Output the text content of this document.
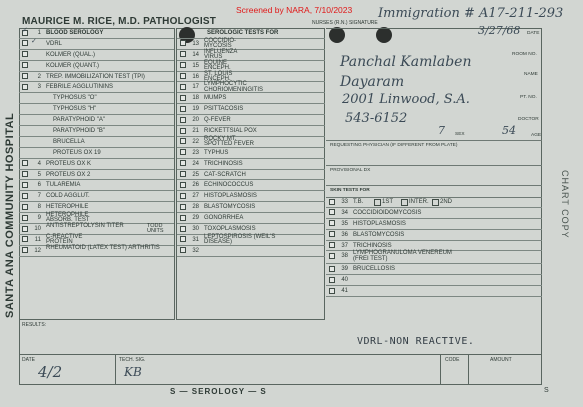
Screened by NARA, 7/10/2023
MAURICE M. RICE, M.D. PATHOLOGIST	NURSES (R.N.) SIGNATURE
Immigration # A17-211-293
SANTA ANA COMMUNITY HOSPITAL	CHART COPY
✓	1 BLOOD SEROLOGY
✓ VDRL
KOLMER (QUAL.)
KOLMER (QUANT.)
2 TREP. IMMOBILIZATION TEST (TPI)
3 FEBRILE AGGLUTININS
TYPHOSUS "O"
TYPHOSUS "H"
PARATYPHOID "A"
PARATYPHOID "B"
BRUCELLA
PROTEUS OX 19
4 PROTEUS OX K
5 PROTEUS OX 2
6 TULAREMIA
7 COLD AGGLUT.
8 HETEROPHILE
9 HETEROPHILE ABSORB. TEST
10 ANTISTREPTOLYSIN TITER	TODD UNITS
11 C-REACTIVE PROTEIN
12 RHEUMATOID (LATEX TEST) ARTHRITIS
SEROLOGIC TESTS FOR
13 COCCIDIO- MYCOSIS
14 INFLUENZA VIRUS
15 EQUINE ENCEPH.
16 ST. LOUIS ENCEPH.
17 LYMPHOCYTIC CHORIOMENINGITIS
18 MUMPS
19 PSITTACOSIS
20 Q-FEVER
21 RICKETTSIAL POX
22 ROCKY MT. SPOTTED FEVER
23 TYPHUS
24 TRICHINOSIS
25 CAT-SCRATCH
26 ECHINOCOCCUS
27 HISTOPLASMOSIS
28 BLASTOMYCOSIS
29 GONORRHEA
30 TOXOPLASMOSIS
31 LEPTOSPIROSIS (WEIL'S DISEASE)
32
DATE
3/27/68
ROOM NO.
NAME
PT. NO.
DOCTOR
Panchal Kamlaben Dayaram
2001 Linwood, S.A.
543-6152
7 SEX	54	AGE
REQUESTING PHYSICIAN (IF DIFFERENT FROM PLATE)
PROVISIONAL DX
SKIN TESTS FOR
33 T.B.	1ST	INTER. 2ND
34 COCCIDIOIDOMYCOSIS
35 HISTOPLASMOSIS
36 BLASTOMYCOSIS
37 TRICHINOSIS
38 LYMPHOGRANULOMA VENEREUM (FREI TEST)
39 BRUCELLOSIS
40
41
RESULTS:
VDRL-NON REACTIVE.
DATE
4/2
TECH. SIG.
KB
CODE	AMOUNT
S — SEROLOGY — S	S
